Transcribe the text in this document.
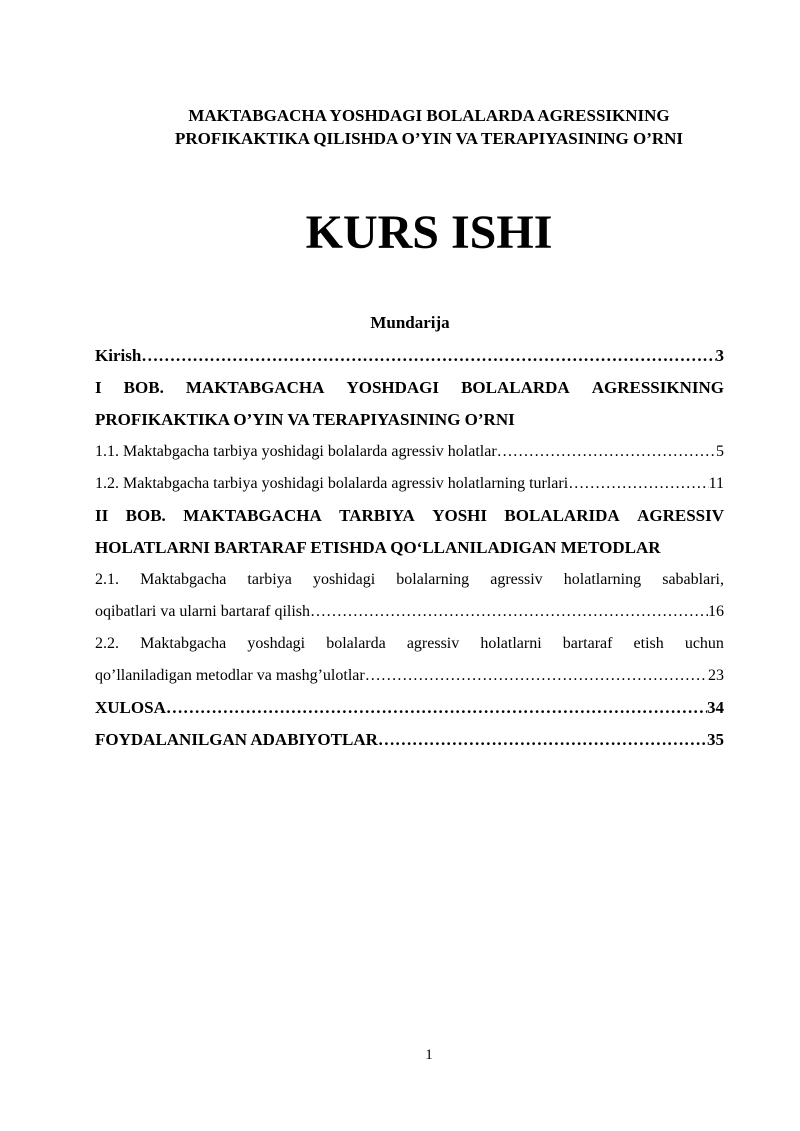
MAKTABGACHA YOSHDAGI BOLALARDA AGRESSIKNING
PROFIKAKTIKA QILISHDA O’YIN VA TERAPIYASINING O’RNI
KURS ISHI
Mundarija
Kirish ………………………………………………………………………………………………………………………………………………	3
I BOB. MAKTABGACHA YOSHDAGI BOLALARDA AGRESSIKNING
PROFIKAKTIKA O’YIN VA TERAPIYASINING O’RNI
1.1. Maktabgacha tarbiya yoshidagi bolalarda agressiv holatlar ………………………………………………………………………………………………………………………………………………	5
1.2. Maktabgacha tarbiya yoshidagi bolalarda agressiv holatlarning turlari ………………………………………………………………………………………………………………………………………………	11
II BOB. MAKTABGACHA TARBIYA YOSHI BOLALARIDA AGRESSIV
HOLATLARNI BARTARAF ETISHDA QO‘LLANILADIGAN METODLAR
2.1. Maktabgacha tarbiya yoshidagi bolalarning agressiv holatlarning sabablari,
oqibatlari va ularni bartaraf qilish ………………………………………………………………………………………………………………………………………………	16
2.2. Maktabgacha yoshdagi bolalarda agressiv holatlarni bartaraf etish uchun
qo’llaniladigan metodlar va mashg’ulotlar ………………………………………………………………………………………………………………………………………………	23
XULOSA ………………………………………………………………………………………………………………………………………………	34
FOYDALANILGAN ADABIYOTLAR ………………………………………………………………………………………………………………………………………………	35
1
